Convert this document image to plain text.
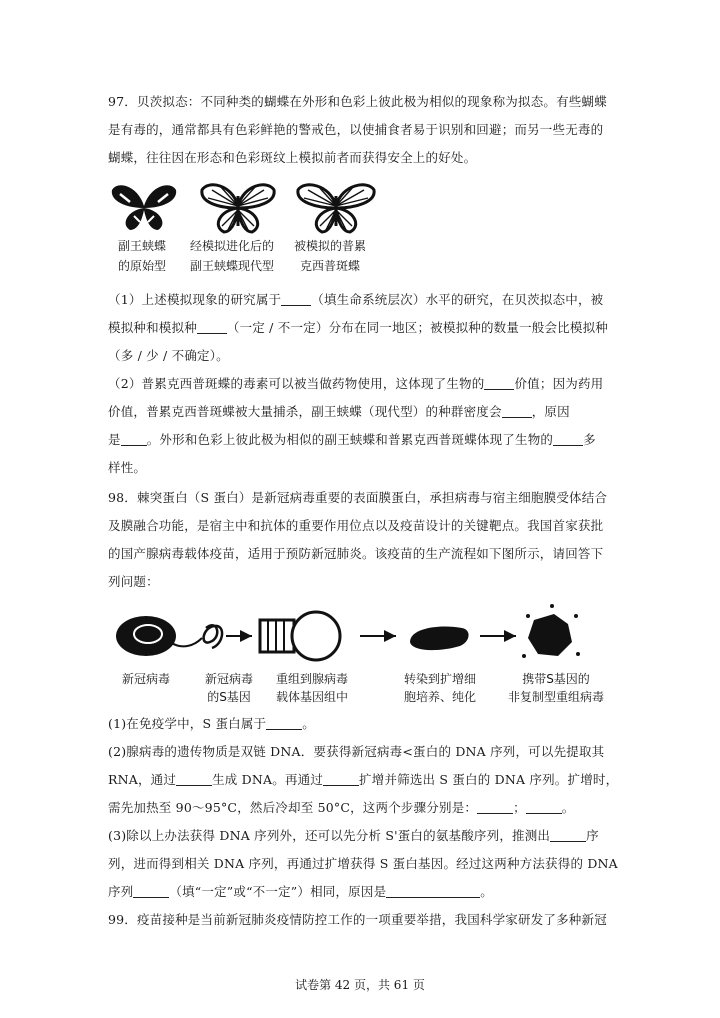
97．贝茨拟态：不同种类的蝴蝶在外形和色彩上彼此极为相似的现象称为拟态。有些蝴蝶
是有毒的，通常都具有色彩鲜艳的警戒色，以使捕食者易于识别和回避；而另一些无毒的
蝴蝶，往往因在形态和色彩斑纹上模拟前者而获得安全上的好处。
（1）上述模拟现象的研究属于 （填生命系统层次）水平的研究，在贝茨拟态中，被
模拟种和模拟种 （一定 / 不一定）分布在同一地区；被模拟种的数量一般会比模拟种
（多 / 少 / 不确定）。
（2）普累克西普斑蝶的毒素可以被当做药物使用，这体现了生物的 价值；因为药用
价值，普累克西普斑蝶被大量捕杀，副王蛱蝶（现代型）的种群密度会 ，原因
是 。外形和色彩上彼此极为相似的副王蛱蝶和普累克西普斑蝶体现了生物的 多
样性。
98．棘突蛋白（S 蛋白）是新冠病毒重要的表面膜蛋白，承担病毒与宿主细胞膜受体结合
及膜融合功能，是宿主中和抗体的重要作用位点以及疫苗设计的关键靶点。我国首家获批
的国产腺病毒载体疫苗，适用于预防新冠肺炎。该疫苗的生产流程如下图所示，请回答下
列问题：
(1)在免疫学中，S 蛋白属于	。
(2)腺病毒的遗传物质是双链 DNA．要获得新冠病毒<蛋白的 DNA 序列，可以先提取其
RNA，通过	生成 DNA。再通过	扩增并筛选出 S 蛋白的 DNA 序列。扩增时，
需先加热至 90～95°C，然后冷却至 50°C，这两个步骤分别是：	；	。
(3)除以上办法获得 DNA 序列外，还可以先分析 S'蛋白的氨基酸序列，推测出	序
列，进而得到相关 DNA 序列，再通过扩增获得 S 蛋白基因。经过这两种方法获得的 DNA
序列	（填“一定”或“不一定”）相同，原因是	。
99．疫苗接种是当前新冠肺炎疫情防控工作的一项重要举措，我国科学家研发了多种新冠
副王蛱蝶
的原始型
经模拟进化后的
副王蛱蝶现代型
被模拟的普累
克西普斑蝶
新冠病毒	新冠病毒
的S基因
重组到腺病毒
载体基因组中
转染到扩增细
胞培养、纯化
携带S基因的
非复制型重组病毒
试卷第 42 页，共 61 页
